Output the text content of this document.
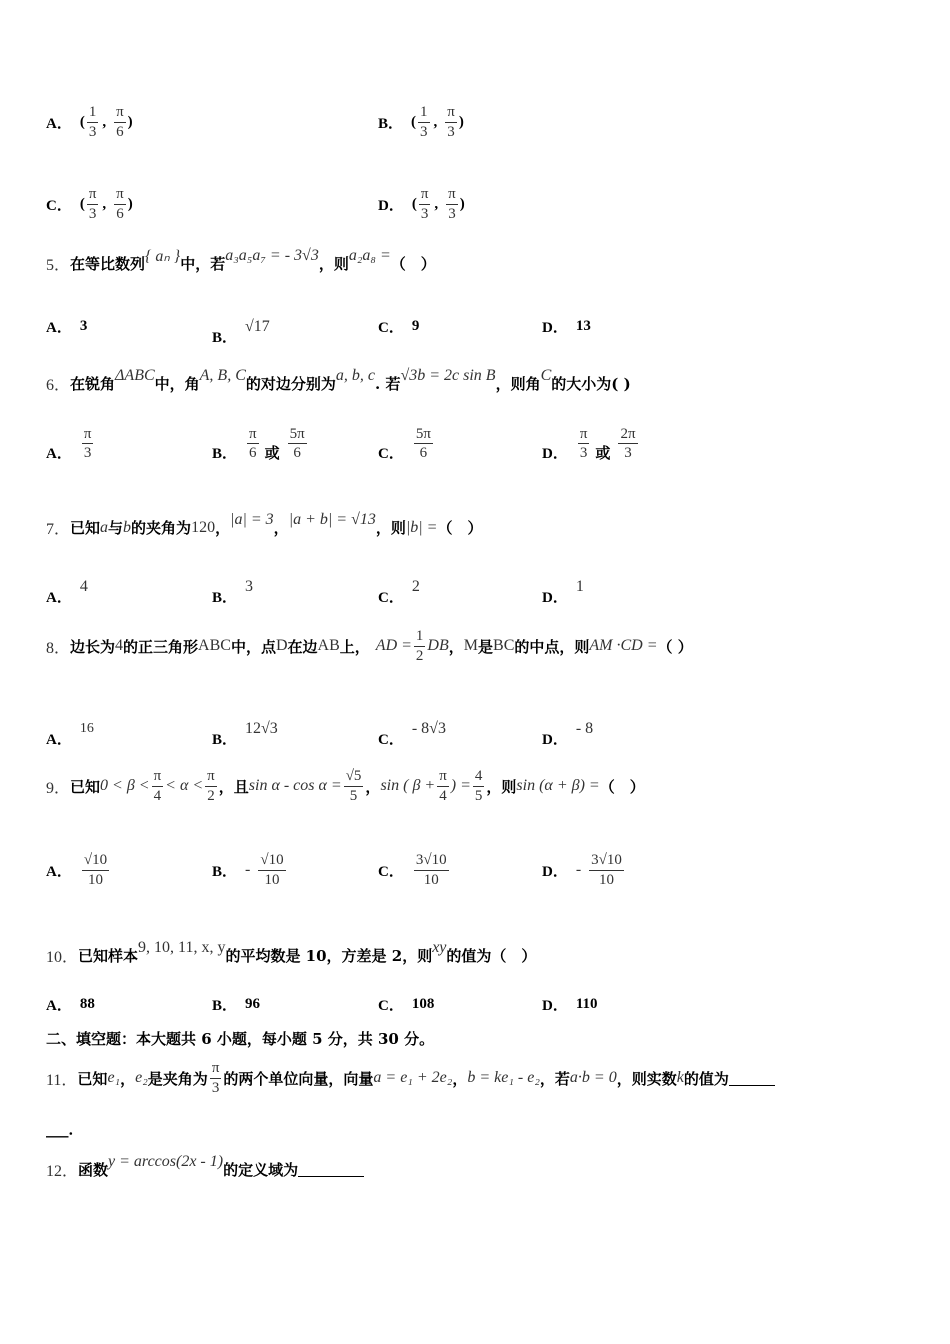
A． ( $\frac{1}{3}$ , $\frac{\pi}{6}$ )	B． ( $\frac{1}{3}$ , $\frac{\pi}{3}$ )
C． ( $\frac{\pi}{3}$ , $\frac{\pi}{6}$ )	D． ( $\frac{\pi}{3}$ , $\frac{\pi}{3}$ )
5． 在等比数列 { aₙ } 中，若 a₃a₅a₇ = - 3√3 ，则 a₂a₈ = （　）
A． 3
B．
√17	C． 9	D． 13
6． 在锐角 ΔABC 中，角 A, B, C 的对边分别为 a, b, c . 若 √3b = 2c sin B ，则角 C 的大小为( )
A． $\frac{\pi}{3}$	B． $\frac{\pi}{6}$ 或 $\frac{5\pi}{6}$	C． $\frac{5\pi}{6}$	D． $\frac{\pi}{3}$ 或 $\frac{2\pi}{3}$
7． 已知 a 与 b 的夹角为 120 ， |a| = 3 ， |a + b| = √13 ，则 |b| = （　）
A．
4
B．
3
C．
2
D．
1
8． 边长为 4 的正三角形 ABC 中，点 D 在边 AB 上， AD = $\frac{1}{2}$ DB ， M 是 BC 的中点，则 AM ·CD = （ ）
A．
16
B．
12√3
C．
- 8√3
D．
- 8
9． 已知 $0 < \beta < \frac{\pi}{4} < \alpha < \frac{\pi}{2}$ ，且 $\sin \alpha - \cos \alpha = \frac{√5}{5}$ ， sin ( $\beta + \frac{\pi}{4}$ ) = $\frac{4}{5}$ ，则 sin (α + β) = （　）
A． $\frac{√10}{10}$	B． - $\frac{√10}{10}$	C． $\frac{3√10}{10}$	D． - $\frac{3√10}{10}$
10． 已知样本 9, 10, 11, x, y 的平均数是 10，方差是 2，则 xy 的值为（　）
A． 88	B． 96	C． 108	D． 110
二、填空题：本大题共 6 小题，每小题 5 分，共 30 分。
11． 已知 e₁ ， e₂ 是夹角为 $\frac{\pi}{3}$ 的两个单位向量，向量 a = e₁ + 2e₂ ， b = ke₁ - e₂ ，若 a·b = 0 ，则实数 k 的值为
___．
12． 函数 y = arccos(2x - 1) 的定义域为
